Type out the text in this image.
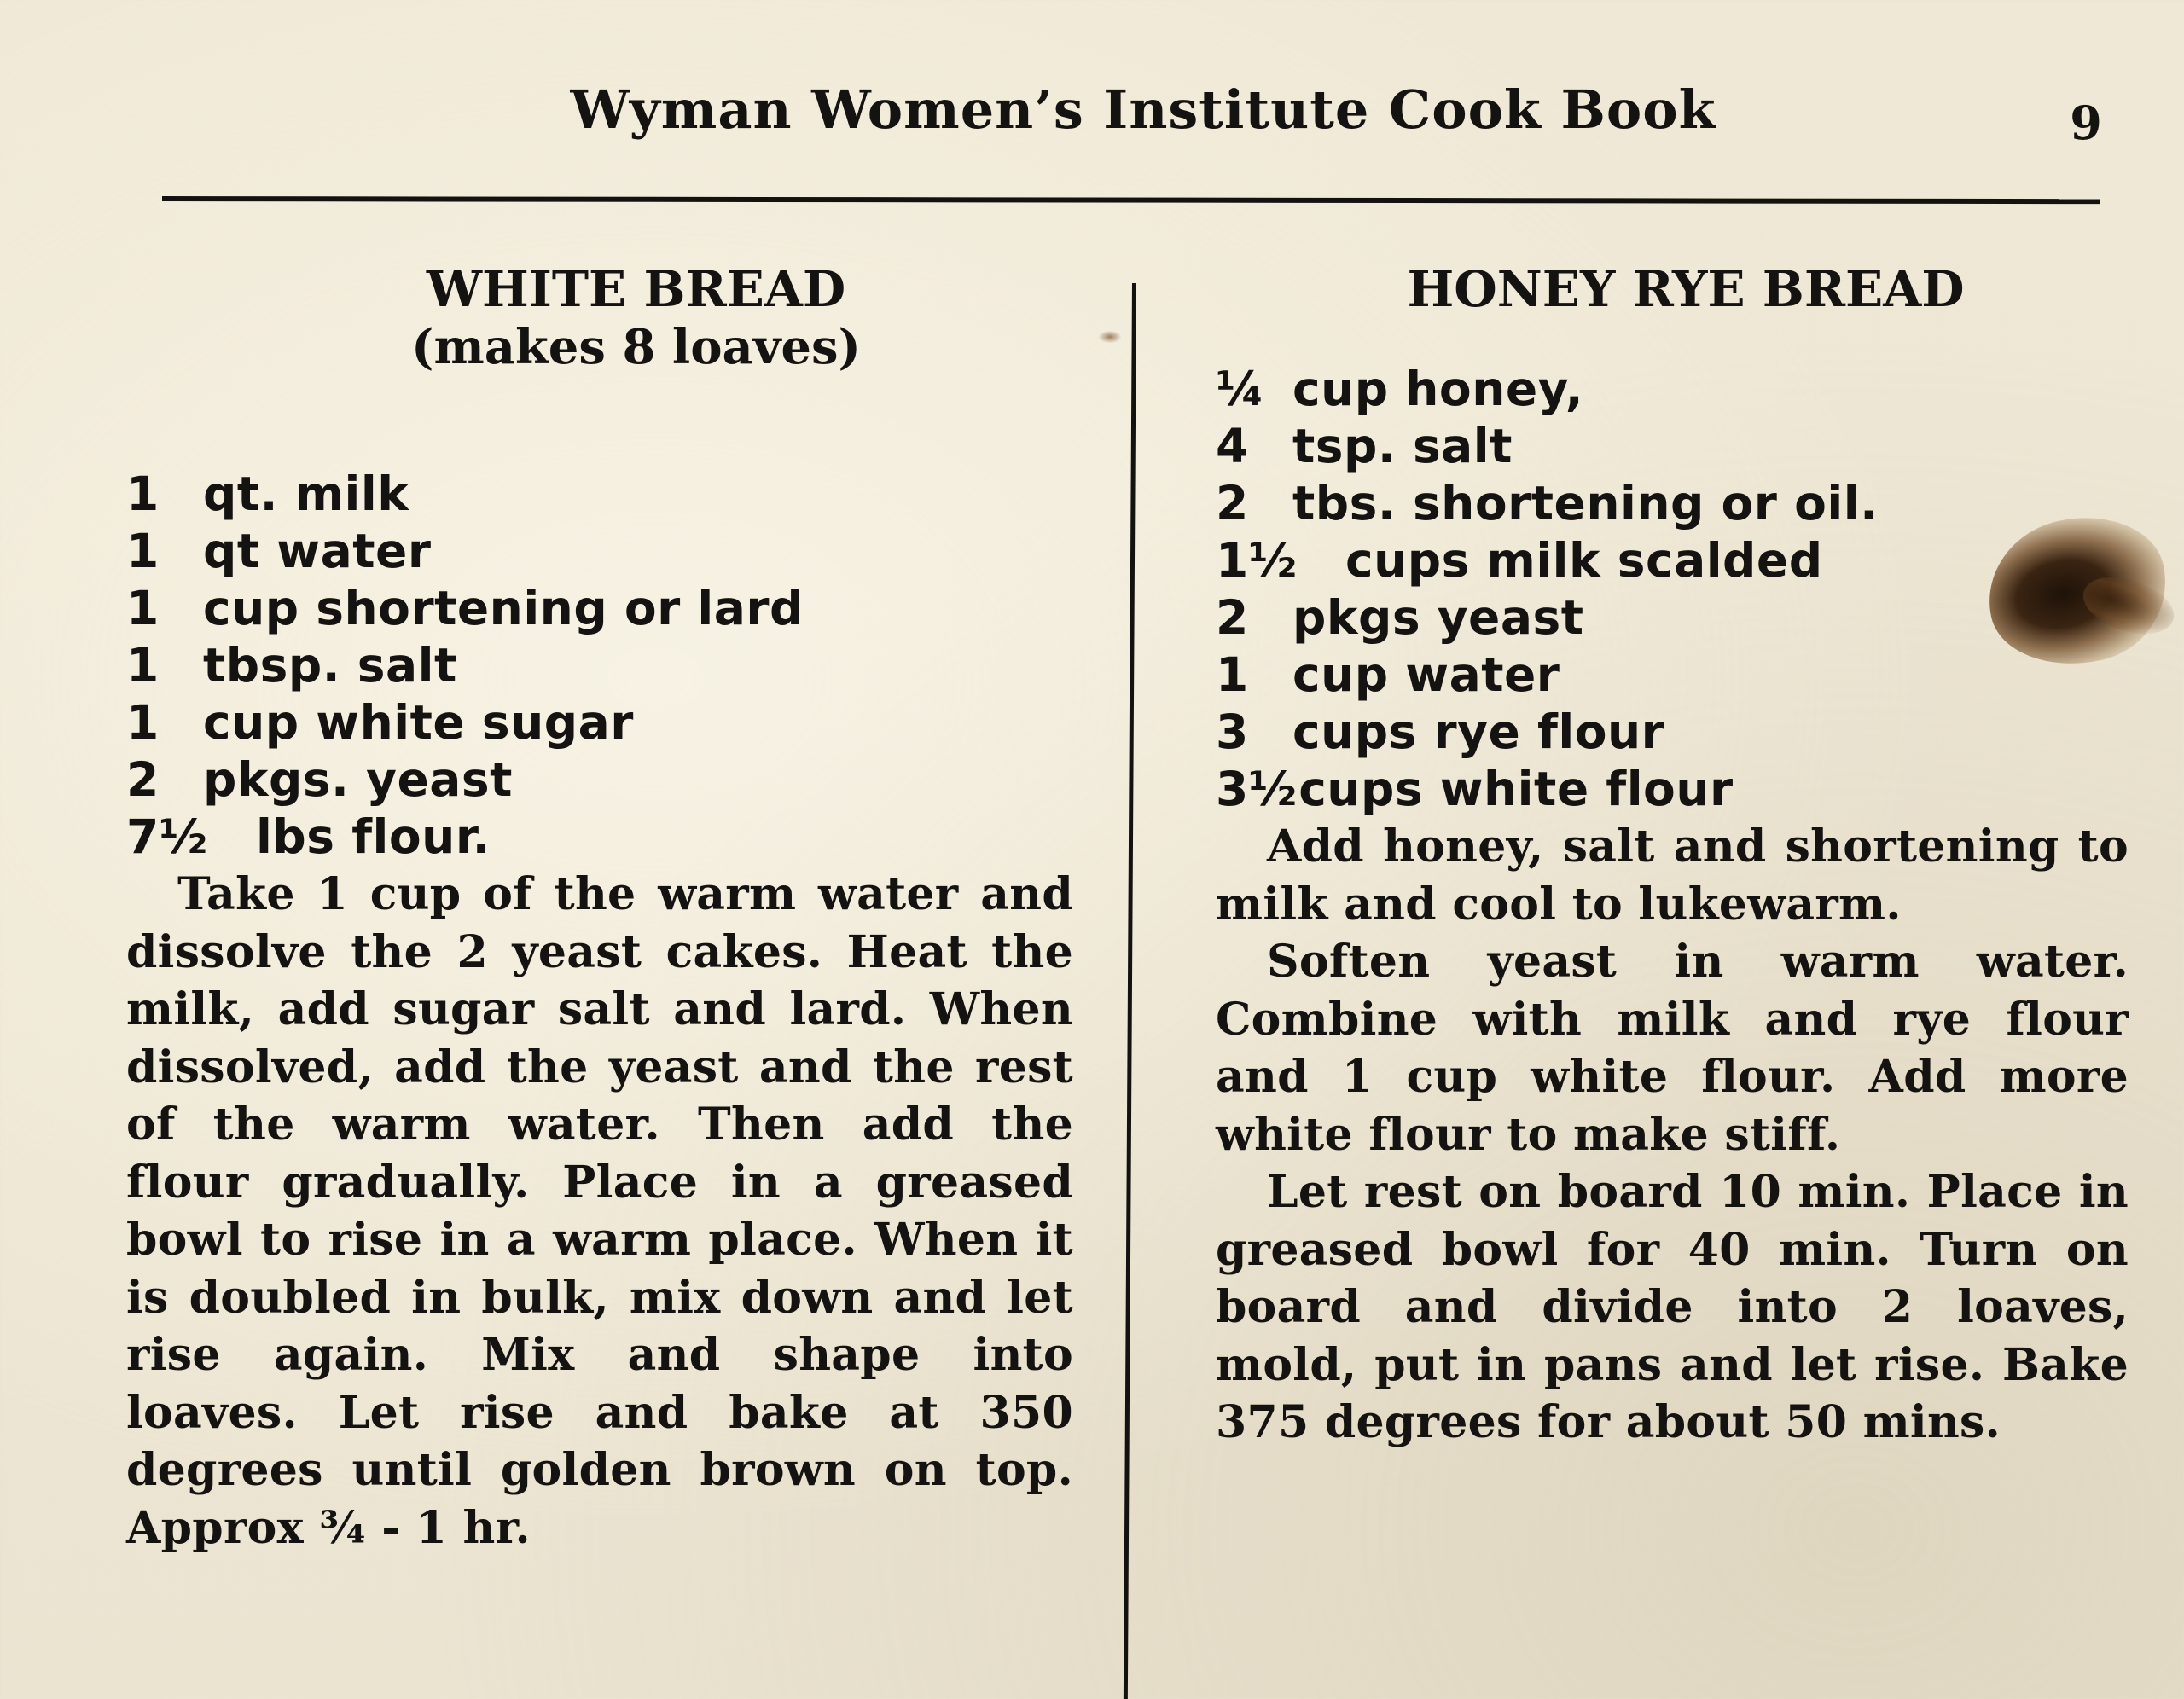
Wyman Women’s Institute Cook Book	9
WHITE BREAD
(makes 8 loaves)
1 qt. milk
1 qt water
1 cup shortening or lard
1 tbsp. salt
1 cup white sugar
2 pkgs. yeast
7½	lbs flour.

Take 1 cup of the warm water and dissolve the 2 yeast cakes. Heat the milk, add sugar salt and lard. When dissolved, add the yeast and the rest of the warm water. Then add the flour gradually. Place in a greased bowl to rise in a warm place. When it is doubled in bulk, mix down and let rise again. Mix and shape into loaves. Let rise and bake at 350 degrees until golden brown on top. Approx ¾ - 1 hr.

HONEY RYE BREAD
¼ cup honey,
4 tsp. salt
2 tbs. shortening or oil.
1½	cups milk scalded
2 pkgs yeast
1 cup water
3 cups rye flour
3½ cups white flour

Add honey, salt and shortening to milk and cool to lukewarm.

Soften yeast in warm water. Combine with milk and rye flour and 1 cup white flour. Add more white flour to make stiff.

Let rest on board 10 min. Place in greased bowl for 40 min. Turn on board and divide into 2 loaves, mold, put in pans and let rise. Bake 375 degrees for about 50 mins.
